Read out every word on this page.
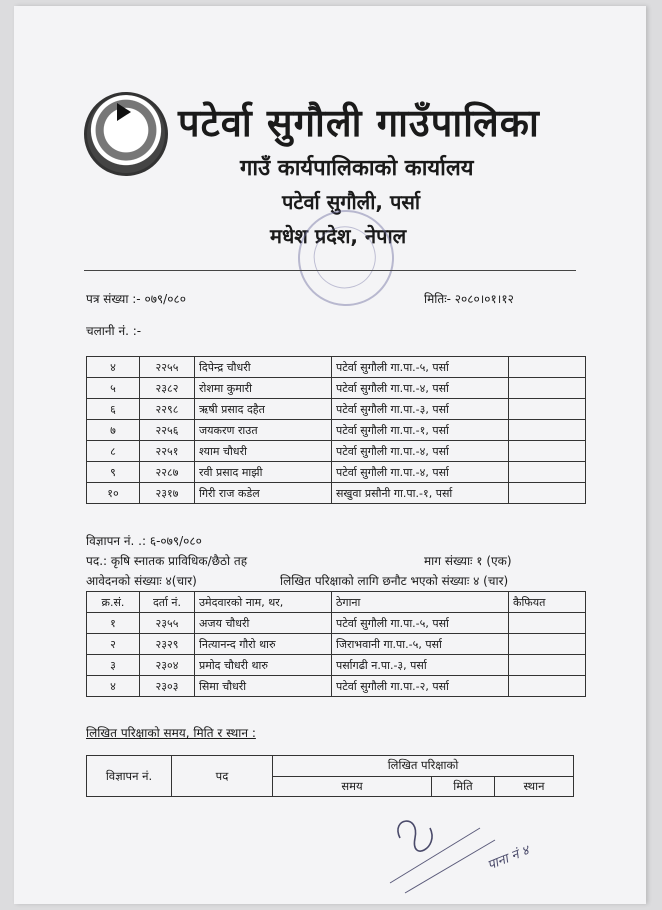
पटेर्वा सुगौली गाउँपालिका
गाउँ कार्यपालिकाको कार्यालय
पटेर्वा सुगौली, पर्सा
मधेश प्रदेश, नेपाल
पत्र संख्या :- ०७९/०८०	मितिः- २०८०।०१।१२
चलानी नं. :-
४	२२५५	दिपेन्द्र चौधरी	पटेर्वा सुगौली गा.पा.-५, पर्सा	
५	२३८२	रोशमा कुमारी	पटेर्वा सुगौली गा.पा.-४, पर्सा	
६	२२९८	ऋषी प्रसाद दहैत	पटेर्वा सुगौली गा.पा.-३, पर्सा	
७	२२५६	जयकरण राउत	पटेर्वा सुगौली गा.पा.-१, पर्सा	
८	२२५१	श्याम चौधरी	पटेर्वा सुगौली गा.पा.-४, पर्सा	
९	२२८७	रवी प्रसाद माझी	पटेर्वा सुगौली गा.पा.-४, पर्सा	
१०	२३१७	गिरी राज कडेल	सखुवा प्रसौनी गा.पा.-१, पर्सा	
विज्ञापन नं. .: ६-०७९/०८०
पद.: कृषि स्नातक प्राविधिक/छैठो तह	माग संख्याः १ (एक)
आवेदनको संख्याः ४(चार)	लिखित परिक्षाको लागि छनौट भएको संख्याः ४ (चार)
क्र.सं.	दर्ता नं.	उमेदवारको नाम, थर,	ठेगाना	कैफियत
१	२३५५	अजय चौधरी	पटेर्वा सुगौली गा.पा.-५, पर्सा	
२	२३२९	नित्यानन्द गौरो थारु	जिराभवानी गा.पा.-५, पर्सा	
३	२३०४	प्रमोद चौधरी थारु	पर्सागढी न.पा.-३, पर्सा	
४	२३०३	सिमा चौधरी	पटेर्वा सुगौली गा.पा.-२, पर्सा	
लिखित परिक्षाको समय, मिति र स्थान :
विज्ञापन नं.	पद	लिखित परिक्षाको		
		समय	मिति	स्थान
पाना नं ४
